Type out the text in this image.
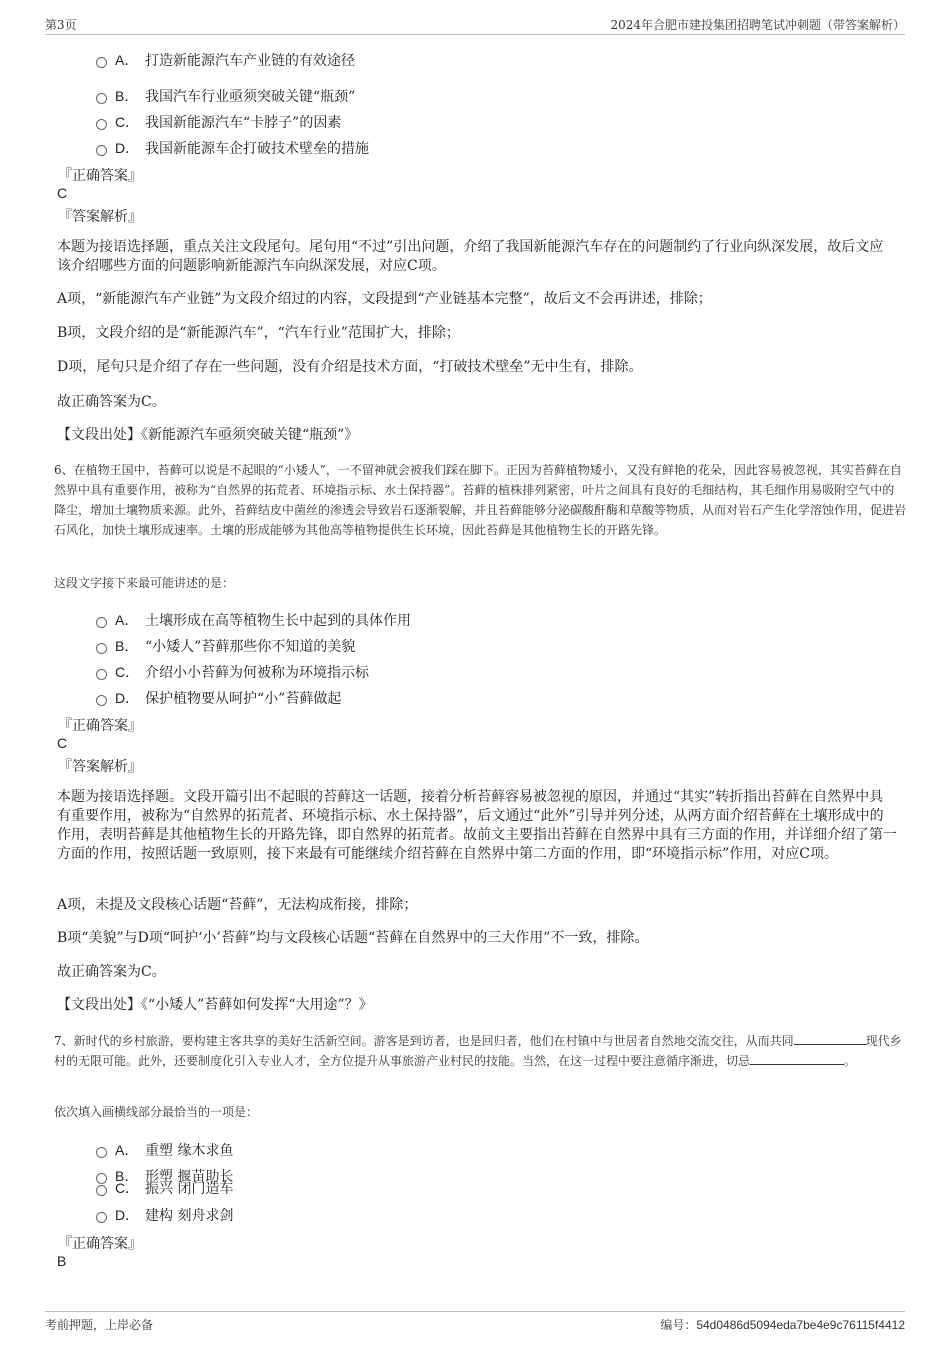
第3页	2024年合肥市建投集团招聘笔试冲刺题（带答案解析）
A． 打造新能源汽车产业链的有效途径
B． 我国汽车行业亟须突破关键“瓶颈”
C． 我国新能源汽车“卡脖子”的因素
D． 我国新能源车企打破技术壁垒的措施
『正确答案』
C
『答案解析』
本题为接语选择题，重点关注文段尾句。尾句用“不过”引出问题，介绍了我国新能源汽车存在的问题制约了行业向纵深发展，故后文应该介绍哪些方面的问题影响新能源汽车向纵深发展，对应C项。
A项，“新能源汽车产业链”为文段介绍过的内容，文段提到“产业链基本完整”，故后文不会再讲述，排除；
B项，文段介绍的是“新能源汽车”，“汽车行业”范围扩大，排除；
D项，尾句只是介绍了存在一些问题，没有介绍是技术方面，“打破技术壁垒”无中生有，排除。
故正确答案为C。
【文段出处】《新能源汽车亟须突破关键“瓶颈”》
6、在植物王国中，苔藓可以说是不起眼的“小矮人”，一不留神就会被我们踩在脚下。正因为苔藓植物矮小，又没有鲜艳的花朵，因此容易被忽视，其实苔藓在自然界中具有重要作用，被称为“自然界的拓荒者、环境指示标、水土保持器”。苔藓的植株排列紧密，叶片之间具有良好的毛细结构，其毛细作用易吸附空气中的降尘，增加土壤物质来源。此外，苔藓结皮中菌丝的渗透会导致岩石逐渐裂解，并且苔藓能够分泌碳酸酐酶和草酸等物质，从而对岩石产生化学溶蚀作用，促进岩石风化，加快土壤形成速率。土壤的形成能够为其他高等植物提供生长环境，因此苔藓是其他植物生长的开路先锋。
这段文字接下来最可能讲述的是：
A． 土壤形成在高等植物生长中起到的具体作用
B． “小矮人”苔藓那些你不知道的美貌
C． 介绍小小苔藓为何被称为环境指示标
D． 保护植物要从呵护“小”苔藓做起
『正确答案』
C
『答案解析』
本题为接语选择题。文段开篇引出不起眼的苔藓这一话题，接着分析苔藓容易被忽视的原因，并通过“其实”转折指出苔藓在自然界中具有重要作用，被称为“自然界的拓荒者、环境指示标、水土保持器”，后文通过“此外”引导并列分述，从两方面介绍苔藓在土壤形成中的作用，表明苔藓是其他植物生长的开路先锋，即自然界的拓荒者。故前文主要指出苔藓在自然界中具有三方面的作用，并详细介绍了第一方面的作用，按照话题一致原则，接下来最有可能继续介绍苔藓在自然界中第二方面的作用，即“环境指示标”作用，对应C项。
A项，未提及文段核心话题“苔藓”，无法构成衔接，排除；
B项“美貌”与D项“呵护‘小’苔藓”均与文段核心话题“苔藓在自然界中的三大作用”不一致，排除。
故正确答案为C。
【文段出处】《“小矮人”苔藓如何发挥“大用途”？》
7、新时代的乡村旅游，要构建主客共享的美好生活新空间。游客是到访者，也是回归者，他们在村镇中与世居者自然地交流交往，从而共同	现代乡村的无限可能。此外，还要制度化引入专业人才，全方位提升从事旅游产业村民的技能。当然，在这一过程中要注意循序渐进，切忌	。
依次填入画横线部分最恰当的一项是：
A． 重塑 缘木求鱼
B． 形塑 揠苗助长
C． 振兴 闭门造车
D． 建构 刻舟求剑
『正确答案』
B
考前押题，上岸必备	编号：54d0486d5094eda7be4e9c76115f4412
